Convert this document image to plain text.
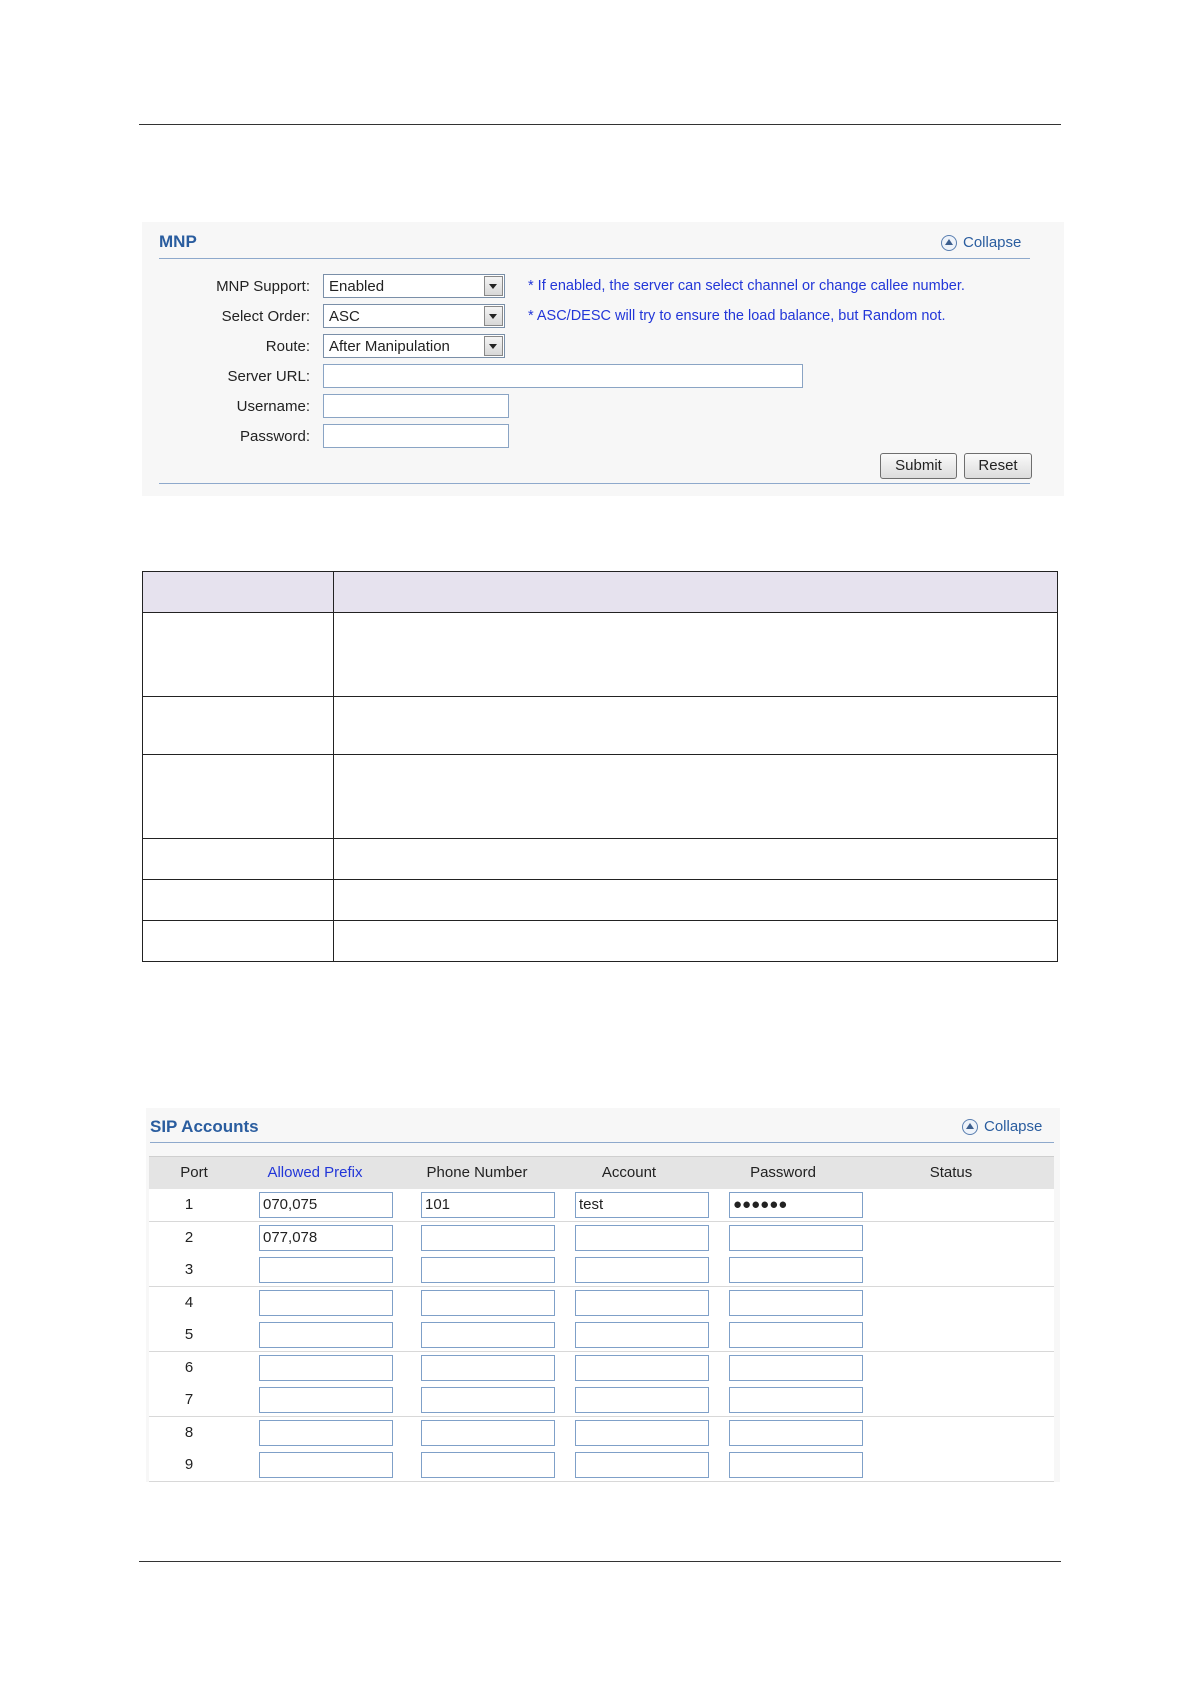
MNP	Collapse
MNP Support: Enabled	* If enabled, the server can select channel or change callee number.
Select Order: ASC	* ASC/DESC will try to ensure the load balance, but Random not.
Route: After Manipulation
Server URL:
Username:
Password:
Submit	Reset

SIP Accounts	Collapse
Port	Allowed Prefix	Phone Number	Account	Password	Status
1	070,075	101	test	●●●●●●
2	077,078
3
4
5
6
7
8
9
